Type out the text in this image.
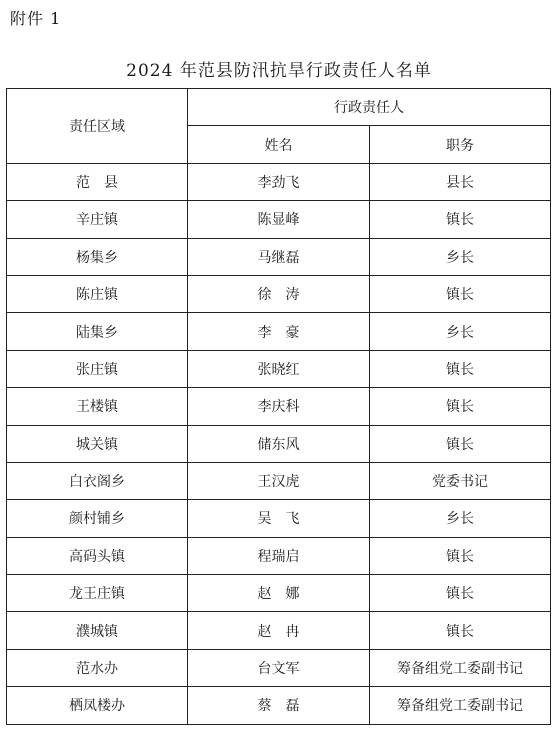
附件 1
2024 年范县防汛抗旱行政责任人名单
责任区域	行政责任人	
	姓名	职务
范　县	李劲飞	县长
辛庄镇	陈显峰	镇长
杨集乡	马继磊	乡长
陈庄镇	徐　涛	镇长
陆集乡	李　豪	乡长
张庄镇	张晓红	镇长
王楼镇	李庆科	镇长
城关镇	储东风	镇长
白衣阁乡	王汉虎	党委书记
颜村铺乡	吴　飞	乡长
高码头镇	程瑞启	镇长
龙王庄镇	赵　娜	镇长
濮城镇	赵　冉	镇长
范水办	台文军	筹备组党工委副书记
栖凤楼办	蔡　磊	筹备组党工委副书记
